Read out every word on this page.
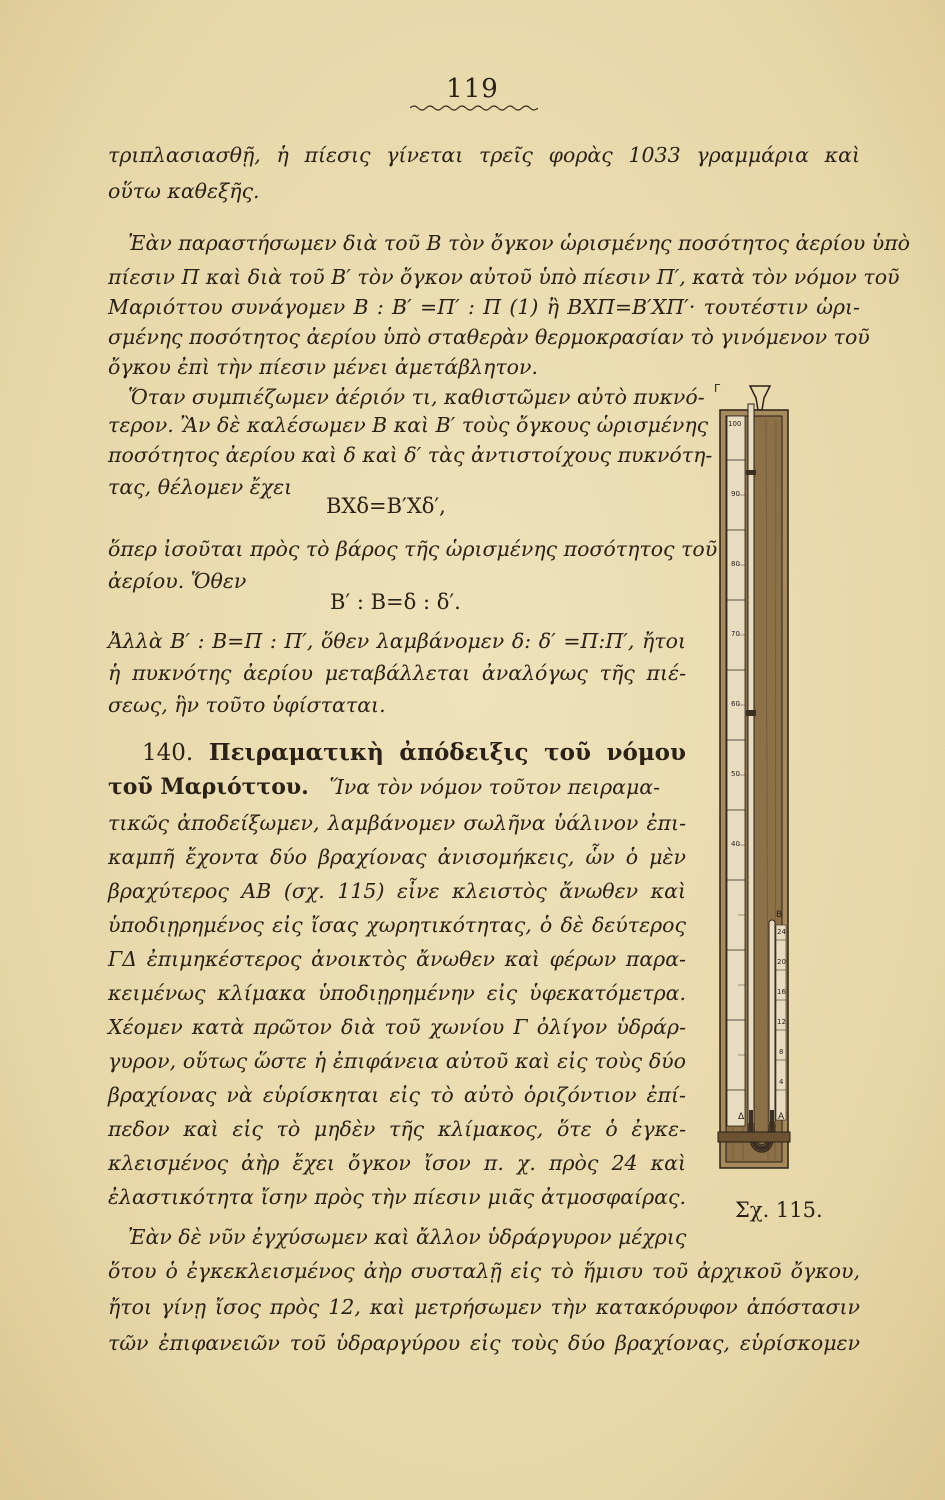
119
τριπλασιασθῇ, ἡ πίεσις γίνεται τρεῖς φορὰς 1033 γραμμάρια καὶ
οὕτω καθεξῆς.
Ἐὰν παραστήσωμεν διὰ τοῦ Β τὸν ὄγκον ὡρισμένης ποσότητος ἀερίου ὑπὸ
πίεσιν Π καὶ διὰ τοῦ Β′ τὸν ὄγκον αὐτοῦ ὑπὸ πίεσιν Π′, κατὰ τὸν νόμον τοῦ
Μαριόττου συνάγομεν Β : Β′ =Π′ : Π (1) ἢ ΒΧΠ=Β′ΧΠ′· τουτέστιν ὡρι-
σμένης ποσότητος ἀερίου ὑπὸ σταθερὰν θερμοκρασίαν τὸ γινόμενον τοῦ
ὄγκου ἐπὶ τὴν πίεσιν μένει ἀμετάβλητον.
Ὅταν συμπιέζωμεν ἀέριόν τι, καθιστῶμεν αὐτὸ πυκνό-
τερον. Ἂν δὲ καλέσωμεν Β καὶ Β′ τοὺς ὄγκους ὡρισμένης
ποσότητος ἀερίου καὶ δ καὶ δ′ τὰς ἀντιστοίχους πυκνότη-
τας, θέλομεν ἔχει
ΒΧδ=Β′Χδ′,
ὅπερ ἰσοῦται πρὸς τὸ βάρος τῆς ὡρισμένης ποσότητος τοῦ
ἀερίου. Ὅθεν
Β′ : Β=δ : δ′.
Ἀλλὰ Β′ : Β=Π : Π′, ὅθεν λαμβάνομεν δ: δ′ =Π:Π′, ἤτοι
ἡ πυκνότης ἀερίου μεταβάλλεται ἀναλόγως τῆς πιέ-
σεως, ἣν τοῦτο ὑφίσταται.
140. Πειραματικὴ ἀπόδειξις τοῦ νόμου
τοῦ Μαριόττου. Ἵνα τὸν νόμον τοῦτον πειραμα-
τικῶς ἀποδείξωμεν, λαμβάνομεν σωλῆνα ὑάλινον ἐπι-
καμπῆ ἔχοντα δύο βραχίονας ἀνισομήκεις, ὧν ὁ μὲν
βραχύτερος ΑΒ (σχ. 115) εἶνε κλειστὸς ἄνωθεν καὶ
ὑποδιῃρημένος εἰς ἴσας χωρητικότητας, ὁ δὲ δεύτερος
ΓΔ ἐπιμηκέστερος ἀνοικτὸς ἄνωθεν καὶ φέρων παρα-
κειμένως κλίμακα ὑποδιῃρημένην εἰς ὑφεκατόμετρα.
Χέομεν κατὰ πρῶτον διὰ τοῦ χωνίου Γ ὀλίγον ὑδράρ-
γυρον, οὕτως ὥστε ἡ ἐπιφάνεια αὐτοῦ καὶ εἰς τοὺς δύο
βραχίονας νὰ εὑρίσκηται εἰς τὸ αὐτὸ ὁριζόντιον ἐπί-
πεδον καὶ εἰς τὸ μηδὲν τῆς κλίμακος, ὅτε ὁ ἐγκε-
κλεισμένος ἀὴρ ἔχει ὄγκον ἴσον π. χ. πρὸς 24 καὶ
ἐλαστικότητα ἴσην πρὸς τὴν πίεσιν μιᾶς ἀτμοσφαίρας.
Ἐὰν δὲ νῦν ἐγχύσωμεν καὶ ἄλλον ὑδράργυρον μέχρις
ὅτου ὁ ἐγκεκλεισμένος ἀὴρ συσταλῇ εἰς τὸ ἥμισυ τοῦ ἀρχικοῦ ὄγκου,
ἤτοι γίνῃ ἴσος πρὸς 12, καὶ μετρήσωμεν τὴν κατακόρυφον ἀπόστασιν
τῶν ἐπιφανειῶν τοῦ ὑδραργύρου εἰς τοὺς δύο βραχίονας, εὑρίσκομεν
100
90
80
70
60
50
40
24
20
16
12
8
4
Γ
Β
Α
Δ
Σχ. 115.
